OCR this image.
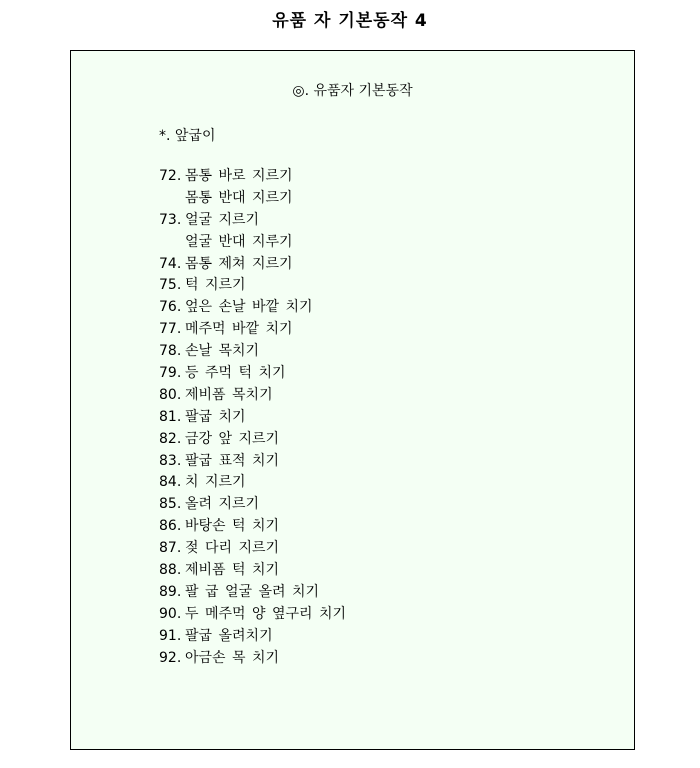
유품 자 기본동작 4
◎. 유품자 기본동작
*. 앞굽이
72. 몸통 바로 지르기
몸통 반대 지르기
73. 얼굴 지르기
얼굴 반대 지루기
74. 몸통 제쳐 지르기
75. 턱 지르기
76. 엎은 손날 바깥 치기
77. 메주먹 바깥 치기
78. 손날 목치기
79. 등 주먹 턱 치기
80. 제비폼 목치기
81. 팔굽 치기
82. 금강 앞 지르기
83. 팔굽 표적 치기
84. 치 지르기
85. 올려 지르기
86. 바탕손 턱 치기
87. 젖 다리 지르기
88. 제비폼 턱 치기
89. 팔 굽 얼굴 올려 치기
90. 두 메주먹 양 옆구리 치기
91. 팔굽 올려치기
92. 아금손 목 치기
